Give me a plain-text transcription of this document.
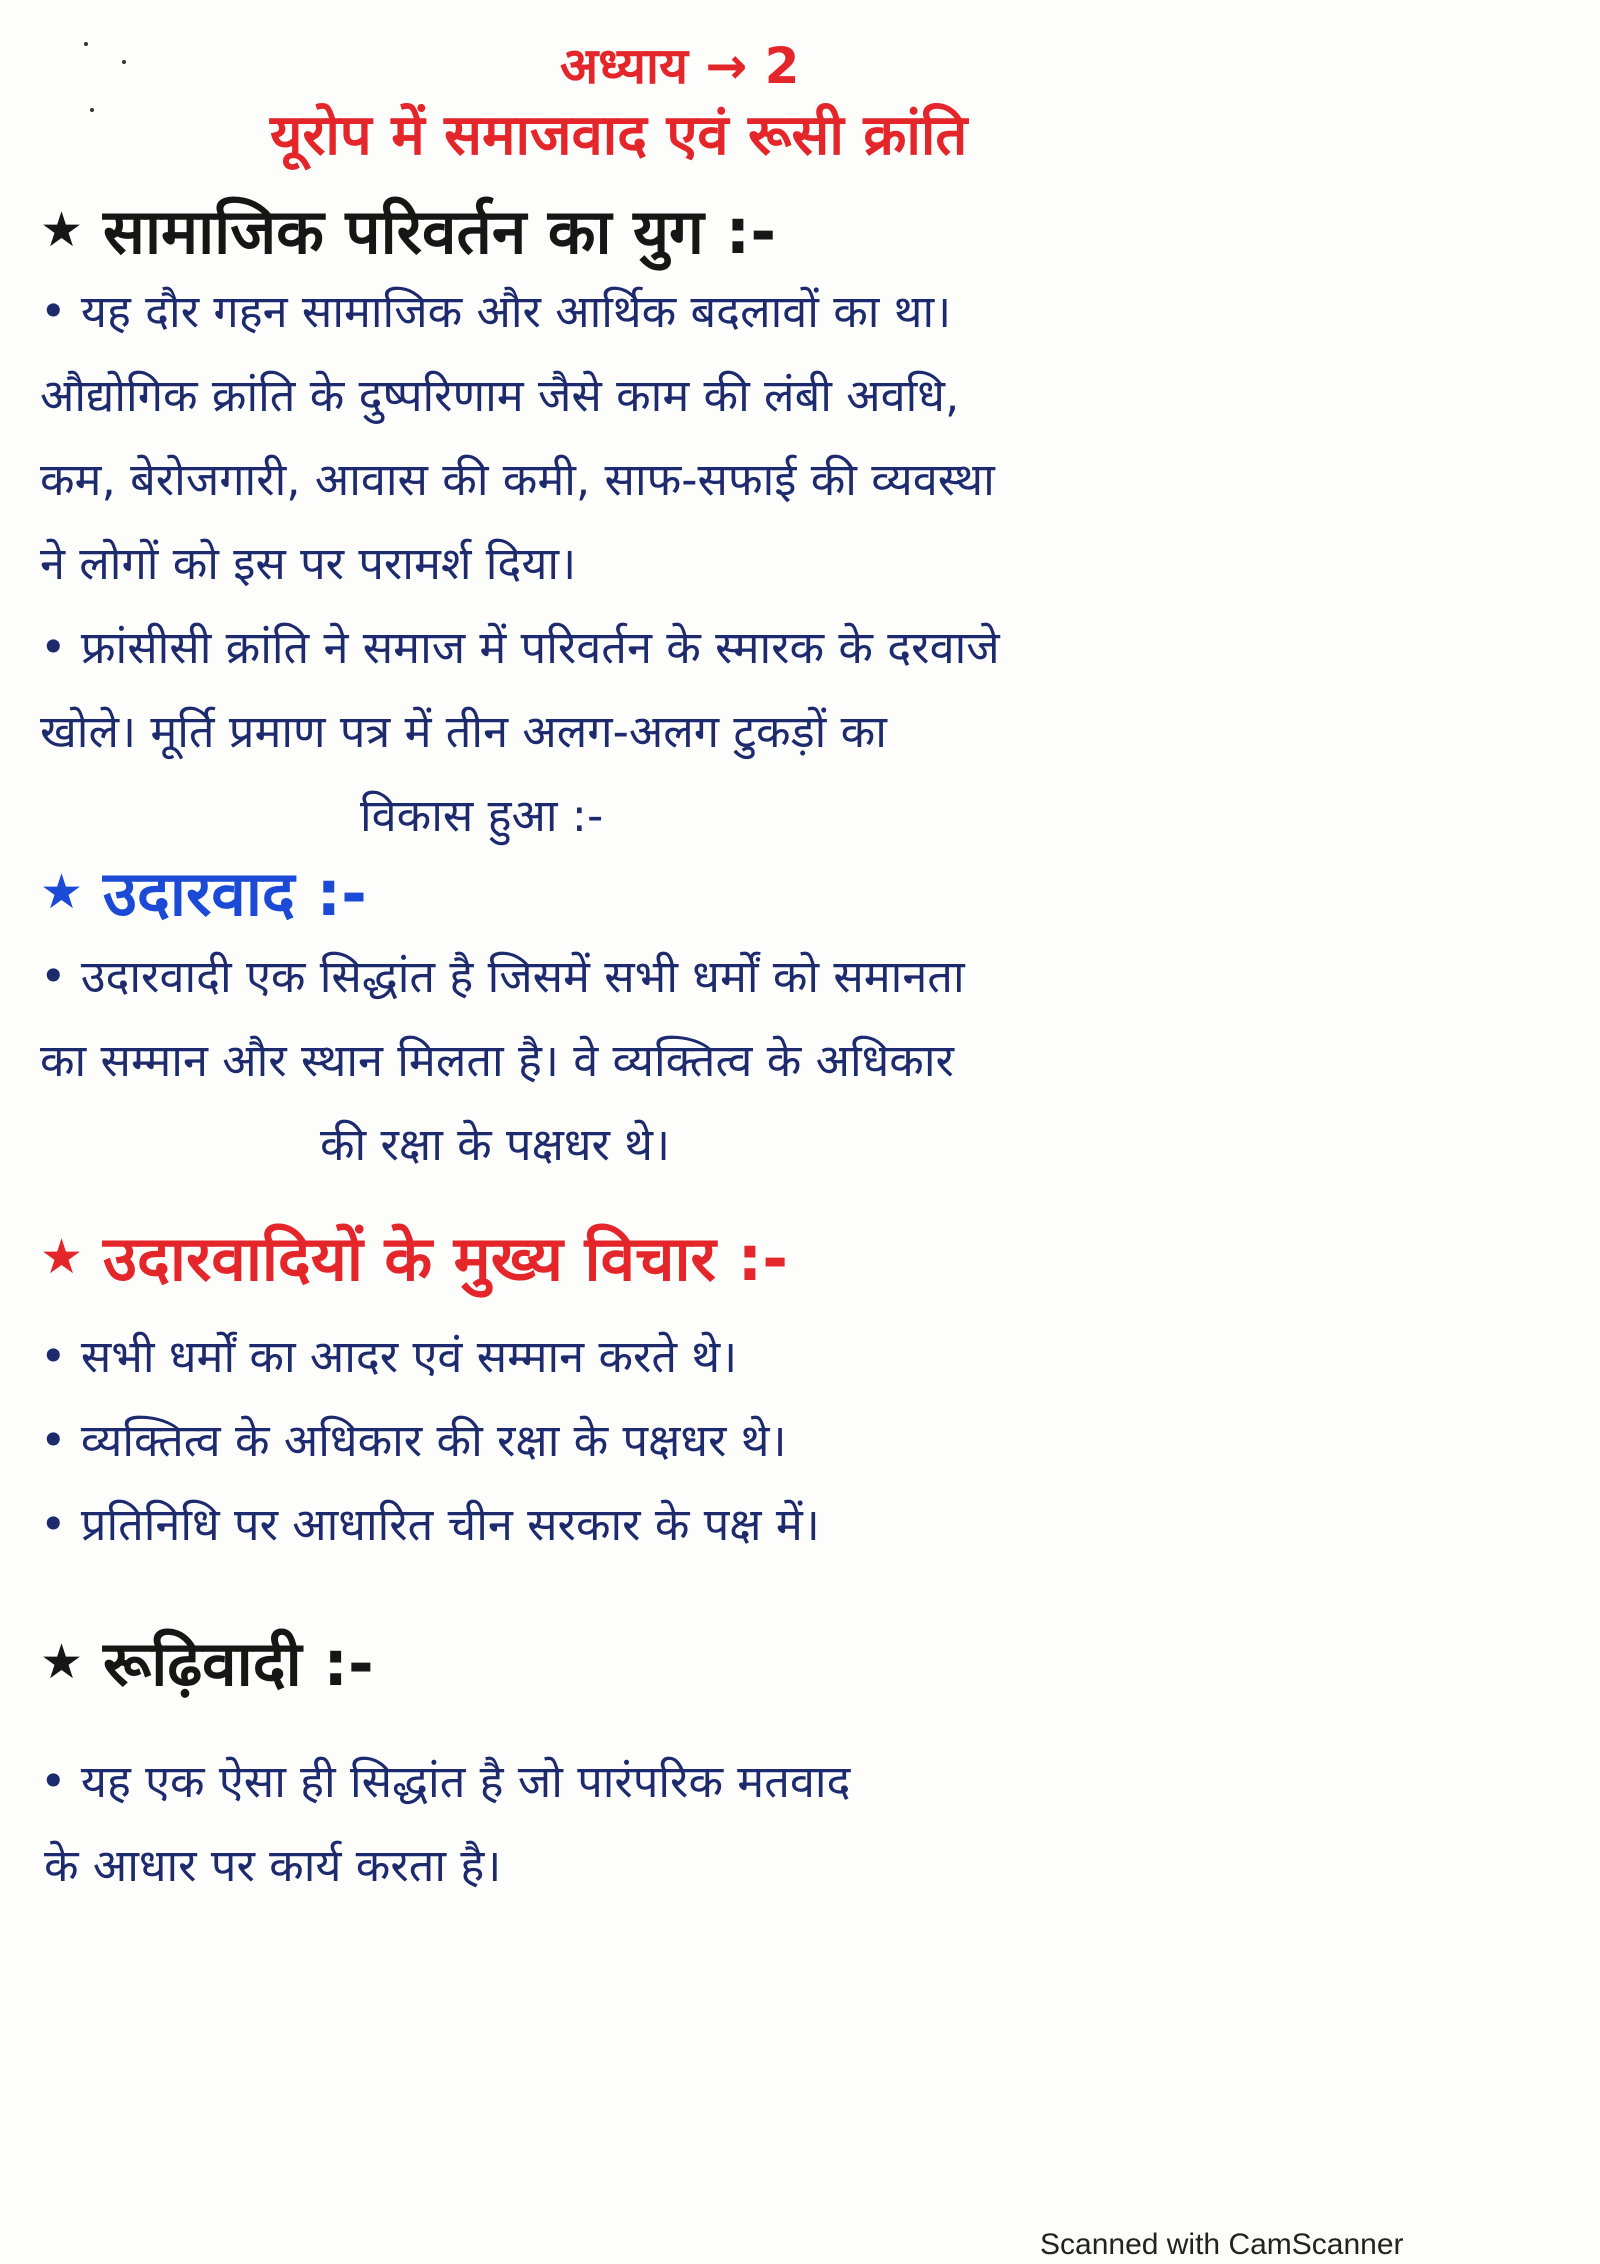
अध्याय → 2
यूरोप में समाजवाद एवं रूसी क्रांति
★ सामाजिक परिवर्तन का युग :-
• यह दौर गहन सामाजिक और आर्थिक बदलावों का था।
औद्योगिक क्रांति के दुष्परिणाम जैसे काम की लंबी अवधि,
कम, बेरोजगारी, आवास की कमी, साफ-सफाई की व्यवस्था
ने लोगों को इस पर परामर्श दिया।
• फ्रांसीसी क्रांति ने समाज में परिवर्तन के स्मारक के दरवाजे
खोले। मूर्ति प्रमाण पत्र में तीन अलग-अलग टुकड़ों का
विकास हुआ :-
★ उदारवाद :-
• उदारवादी एक सिद्धांत है जिसमें सभी धर्मों को समानता
का सम्मान और स्थान मिलता है। वे व्यक्तित्व के अधिकार
की रक्षा के पक्षधर थे।
★ उदारवादियों के मुख्य विचार :-
• सभी धर्मों का आदर एवं सम्मान करते थे।
• व्यक्तित्व के अधिकार की रक्षा के पक्षधर थे।
• प्रतिनिधि पर आधारित चीन सरकार के पक्ष में।
★ रूढ़िवादी :-
• यह एक ऐसा ही सिद्धांत है जो पारंपरिक मतवाद
के आधार पर कार्य करता है।
Scanned with CamScanner
